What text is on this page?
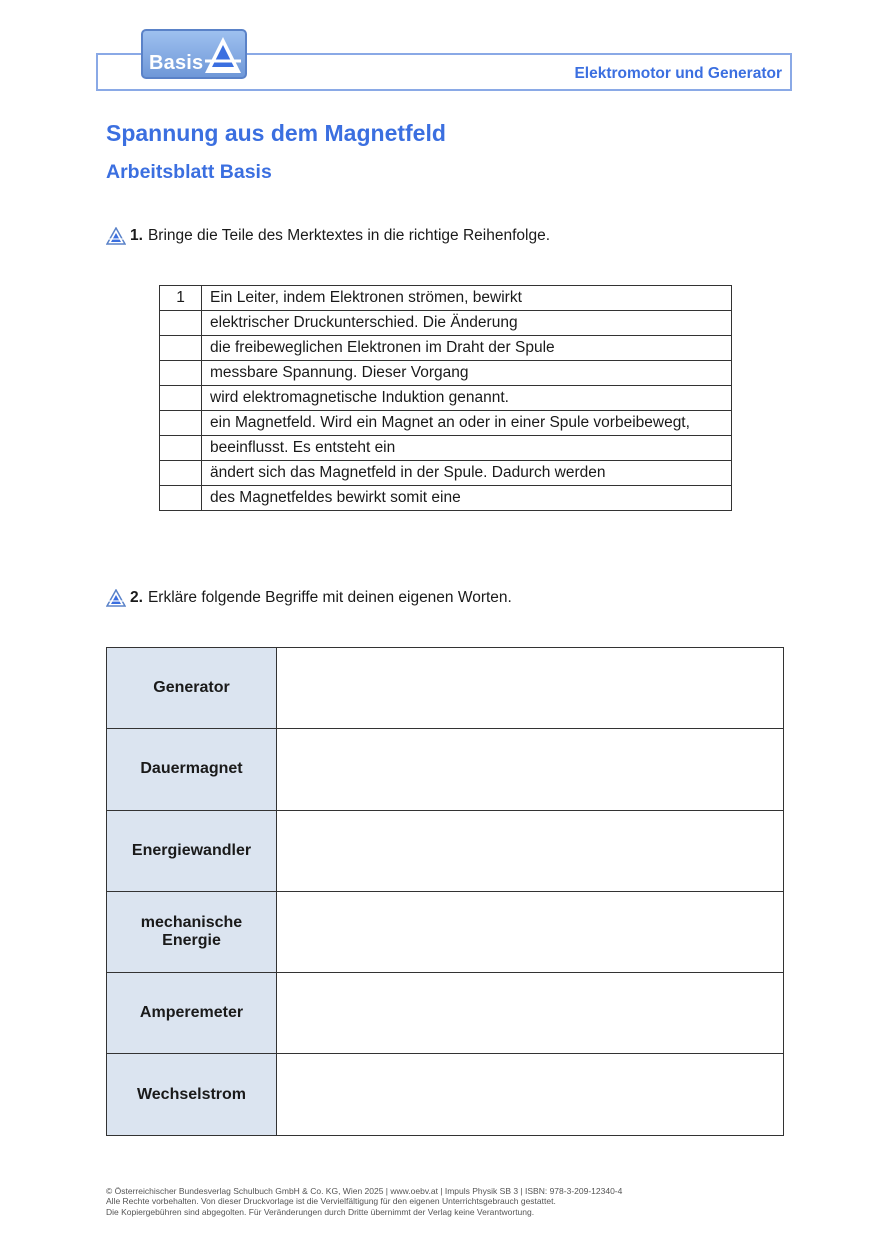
Elektromotor und Generator
Basis
Spannung aus dem Magnetfeld
Arbeitsblatt Basis
1. Bringe die Teile des Merktextes in die richtige Reihenfolge.
1	Ein Leiter, indem Elektronen strömen, bewirkt
	elektrischer Druckunterschied. Die Änderung
	die freibeweglichen Elektronen im Draht der Spule
	messbare Spannung. Dieser Vorgang
	wird elektromagnetische Induktion genannt.
	ein Magnetfeld. Wird ein Magnet an oder in einer Spule vorbeibewegt,
	beeinflusst. Es entsteht ein
	ändert sich das Magnetfeld in der Spule. Dadurch werden
	des Magnetfeldes bewirkt somit eine
2. Erkläre folgende Begriffe mit deinen eigenen Worten.
Generator	
Dauermagnet	
Energiewandler	
mechanische
Energie	
Amperemeter	
Wechselstrom	
© Österreichischer Bundesverlag Schulbuch GmbH & Co. KG, Wien 2025 | www.oebv.at | Impuls Physik SB 3 | ISBN: 978-3-209-12340-4
Alle Rechte vorbehalten. Von dieser Druckvorlage ist die Vervielfältigung für den eigenen Unterrichtsgebrauch gestattet.
Die Kopiergebühren sind abgegolten. Für Veränderungen durch Dritte übernimmt der Verlag keine Verantwortung.
